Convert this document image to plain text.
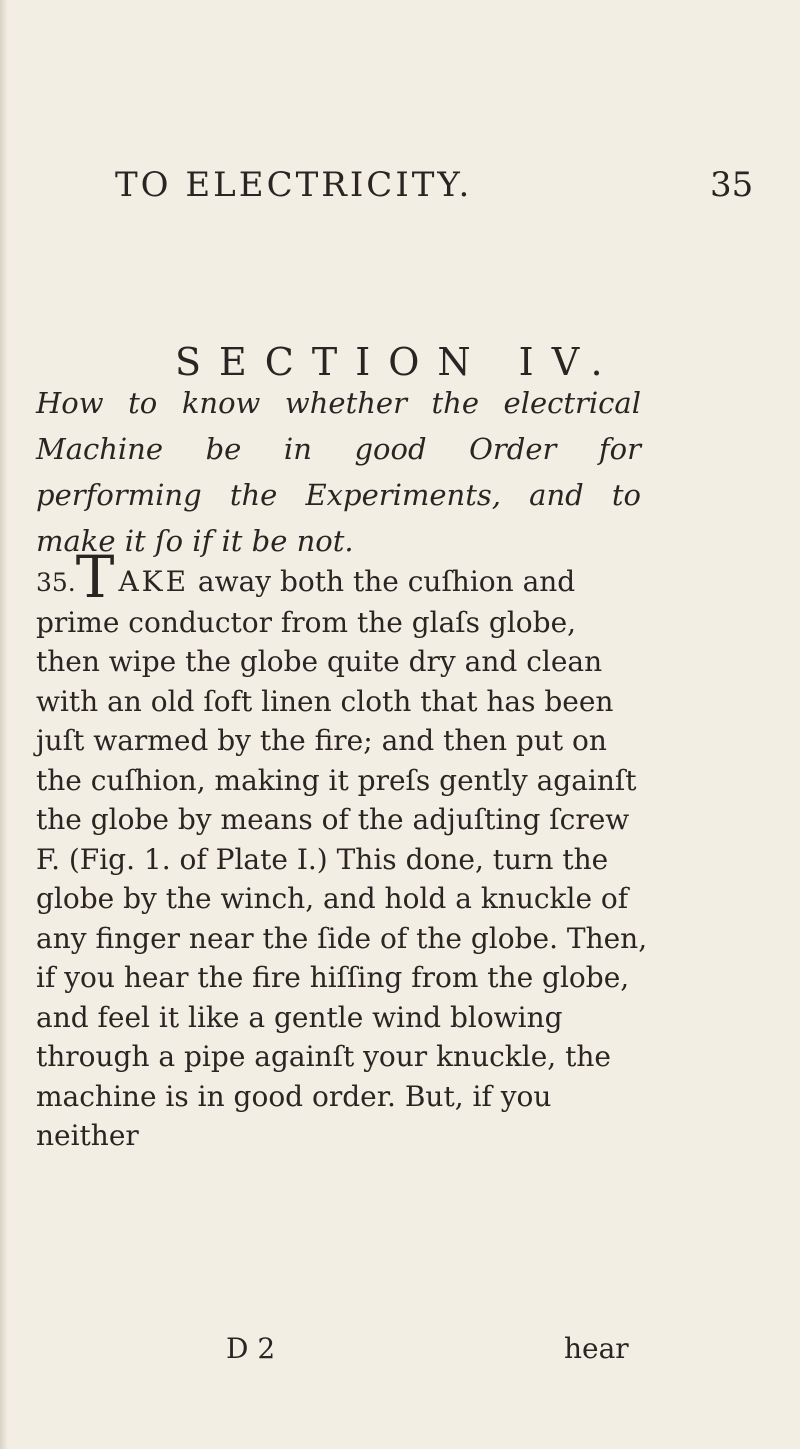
TO ELECTRICITY.	35
SECTION IV.
How to know whether the electrical Machine be in good Order for performing the Experiments, and to make it ſo if it be not.
35.T AKE away both the cuſhion and prime conductor from the glaſs globe, then wipe the globe quite dry and clean with an old ſoft linen cloth that has been juſt warmed by the fire; and then put on the cuſhion, making it preſs gently againſt the globe by means of the adjuſting ſcrew F. (Fig. 1. of Plate I.) This done, turn the globe by the winch, and hold a knuckle of any finger near the ſide of the globe. Then, if you hear the fire hiſſing from the globe, and feel it like a gentle wind blowing through a pipe againſt your knuckle, the machine is in good order. But, if you neither
D 2	hear
